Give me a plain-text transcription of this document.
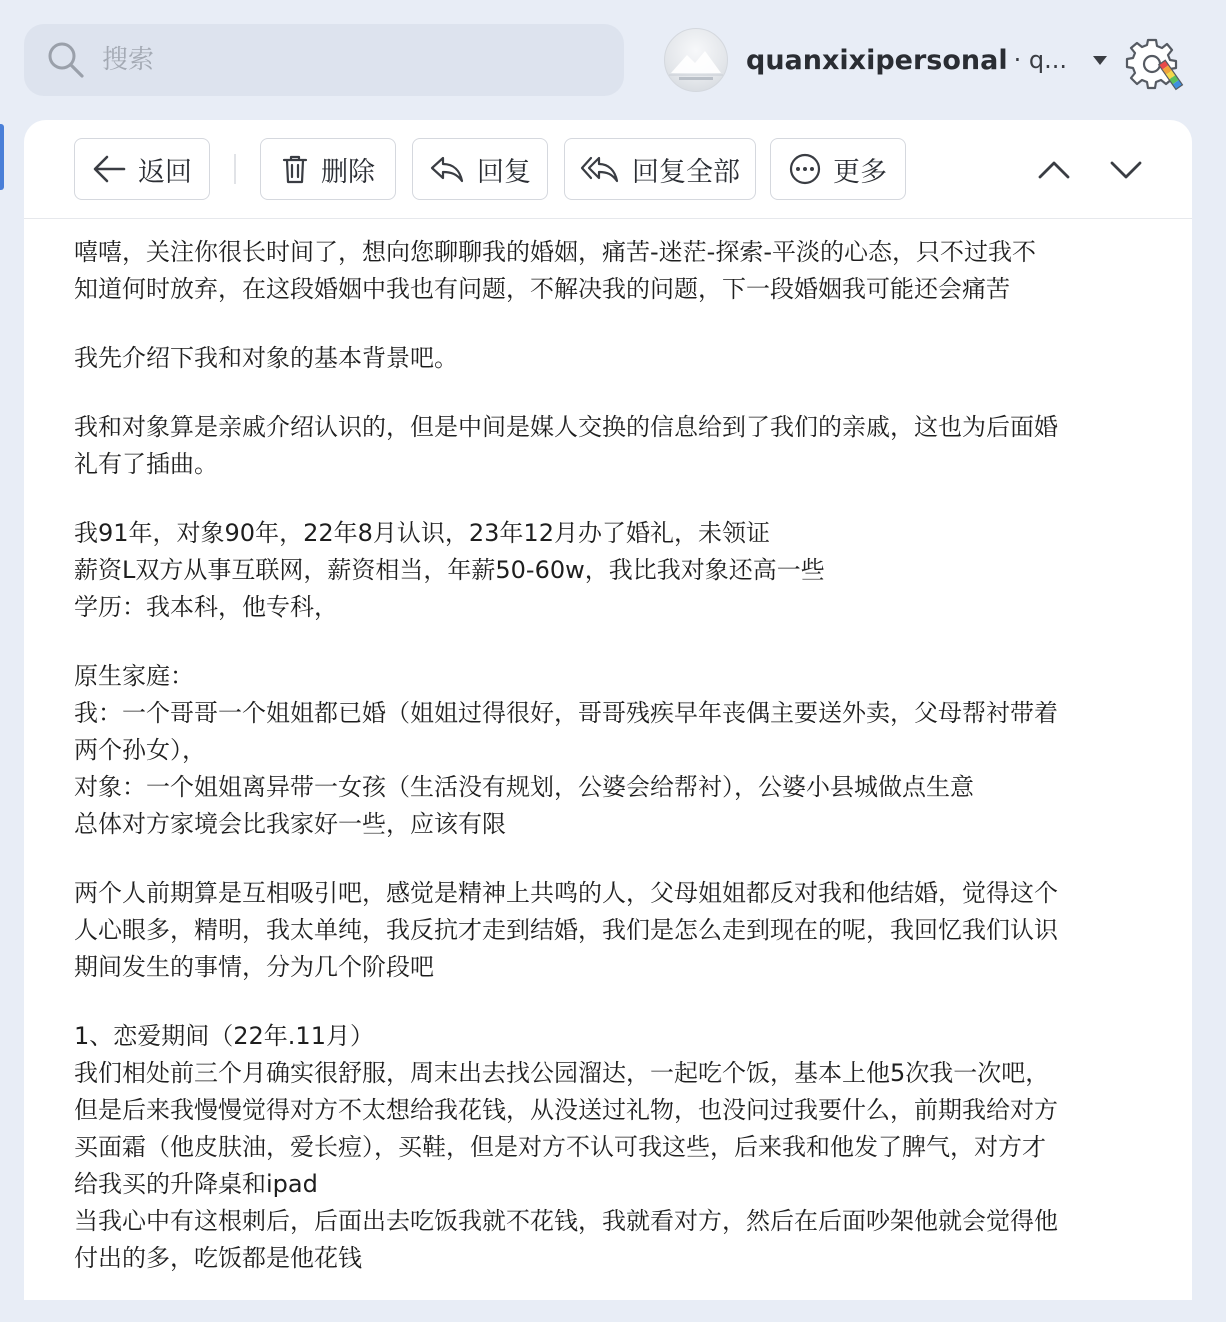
搜索
quanxixipersonal · q...
返回	删除	回复	回复全部	更多

嘻嘻，关注你很长时间了，想向您聊聊我的婚姻，痛苦-迷茫-探索-平淡的心态，只不过我不

知道何时放弃，在这段婚姻中我也有问题，不解决我的问题，下一段婚姻我可能还会痛苦

我先介绍下我和对象的基本背景吧。

我和对象算是亲戚介绍认识的，但是中间是媒人交换的信息给到了我们的亲戚，这也为后面婚

礼有了插曲。

我91年，对象90年，22年8月认识，23年12月办了婚礼，未领证

薪资L双方从事互联网，薪资相当，年薪50-60w，我比我对象还高一些

学历：我本科，他专科，

原生家庭：

我：一个哥哥一个姐姐都已婚（姐姐过得很好，哥哥残疾早年丧偶主要送外卖，父母帮衬带着

两个孙女），

对象：一个姐姐离异带一女孩（生活没有规划，公婆会给帮衬），公婆小县城做点生意

总体对方家境会比我家好一些，应该有限

两个人前期算是互相吸引吧，感觉是精神上共鸣的人，父母姐姐都反对我和他结婚，觉得这个

人心眼多，精明，我太单纯，我反抗才走到结婚，我们是怎么走到现在的呢，我回忆我们认识

期间发生的事情，分为几个阶段吧

1、恋爱期间（22年.11月）

我们相处前三个月确实很舒服，周末出去找公园溜达，一起吃个饭，基本上他5次我一次吧，

但是后来我慢慢觉得对方不太想给我花钱，从没送过礼物，也没问过我要什么，前期我给对方

买面霜（他皮肤油，爱长痘），买鞋，但是对方不认可我这些，后来我和他发了脾气，对方才

给我买的升降桌和ipad

当我心中有这根刺后，后面出去吃饭我就不花钱，我就看对方，然后在后面吵架他就会觉得他

付出的多，吃饭都是他花钱
